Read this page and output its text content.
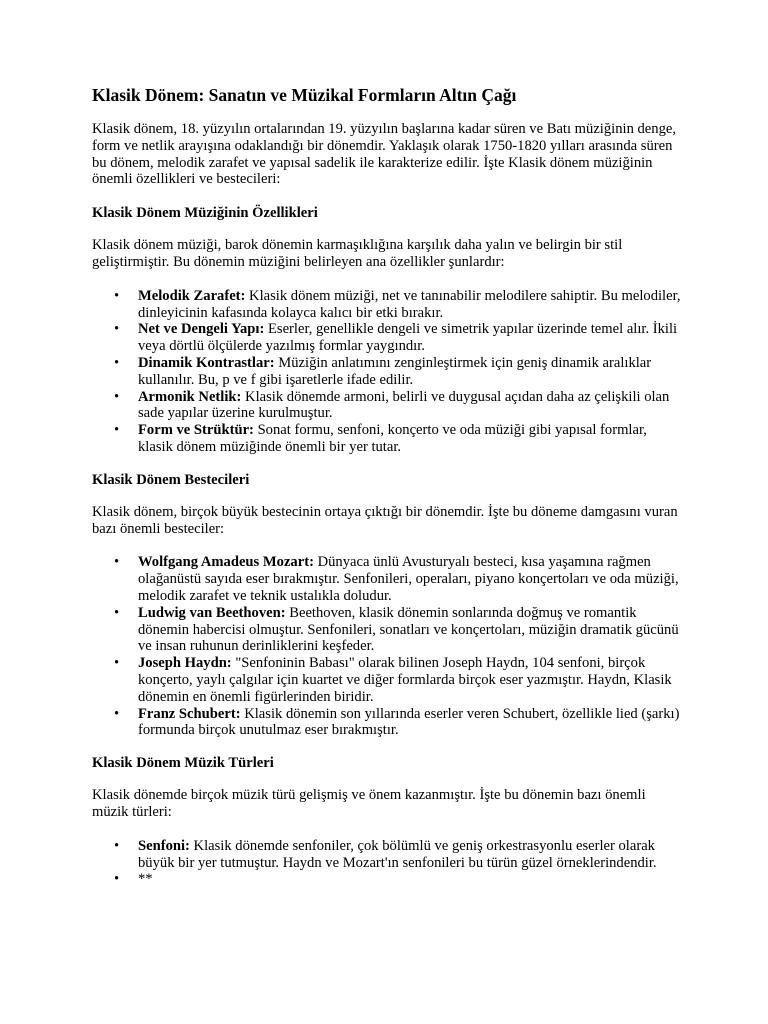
Klasik Dönem: Sanatın ve Müzikal Formların Altın Çağı

Klasik dönem, 18. yüzyılın ortalarından 19. yüzyılın başlarına kadar süren ve Batı müziğinin denge, form ve netlik arayışına odaklandığı bir dönemdir. Yaklaşık olarak 1750-1820 yılları arasında süren bu dönem, melodik zarafet ve yapısal sadelik ile karakterize edilir. İşte Klasik dönem müziğinin önemli özellikleri ve bestecileri:

Klasik Dönem Müziğinin Özellikleri

Klasik dönem müziği, barok dönemin karmaşıklığına karşılık daha yalın ve belirgin bir stil geliştirmiştir. Bu dönemin müziğini belirleyen ana özellikler şunlardır:

• Melodik Zarafet: Klasik dönem müziği, net ve tanınabilir melodilere sahiptir. Bu melodiler, dinleyicinin kafasında kolayca kalıcı bir etki bırakır.
• Net ve Dengeli Yapı: Eserler, genellikle dengeli ve simetrik yapılar üzerinde temel alır. İkili veya dörtlü ölçülerde yazılmış formlar yaygındır.
• Dinamik Kontrastlar: Müziğin anlatımını zenginleştirmek için geniş dinamik aralıklar kullanılır. Bu, p ve f gibi işaretlerle ifade edilir.
• Armonik Netlik: Klasik dönemde armoni, belirli ve duygusal açıdan daha az çelişkili olan sade yapılar üzerine kurulmuştur.
• Form ve Strüktür: Sonat formu, senfoni, konçerto ve oda müziği gibi yapısal formlar, klasik dönem müziğinde önemli bir yer tutar.
Klasik Dönem Bestecileri

Klasik dönem, birçok büyük bestecinin ortaya çıktığı bir dönemdir. İşte bu döneme damgasını vuran bazı önemli besteciler:

• Wolfgang Amadeus Mozart: Dünyaca ünlü Avusturyalı besteci, kısa yaşamına rağmen olağanüstü sayıda eser bırakmıştır. Senfonileri, operaları, piyano konçertoları ve oda müziği, melodik zarafet ve teknik ustalıkla doludur.
• Ludwig van Beethoven: Beethoven, klasik dönemin sonlarında doğmuş ve romantik dönemin habercisi olmuştur. Senfonileri, sonatları ve konçertoları, müziğin dramatik gücünü ve insan ruhunun derinliklerini keşfeder.
• Joseph Haydn: "Senfoninin Babası" olarak bilinen Joseph Haydn, 104 senfoni, birçok konçerto, yaylı çalgılar için kuartet ve diğer formlarda birçok eser yazmıştır. Haydn, Klasik dönemin en önemli figürlerinden biridir.
• Franz Schubert: Klasik dönemin son yıllarında eserler veren Schubert, özellikle lied (şarkı) formunda birçok unutulmaz eser bırakmıştır.
Klasik Dönem Müzik Türleri

Klasik dönemde birçok müzik türü gelişmiş ve önem kazanmıştır. İşte bu dönemin bazı önemli müzik türleri:

• Senfoni: Klasik dönemde senfoniler, çok bölümlü ve geniş orkestrasyonlu eserler olarak büyük bir yer tutmuştur. Haydn ve Mozart'ın senfonileri bu türün güzel örneklerindendir.
• **
